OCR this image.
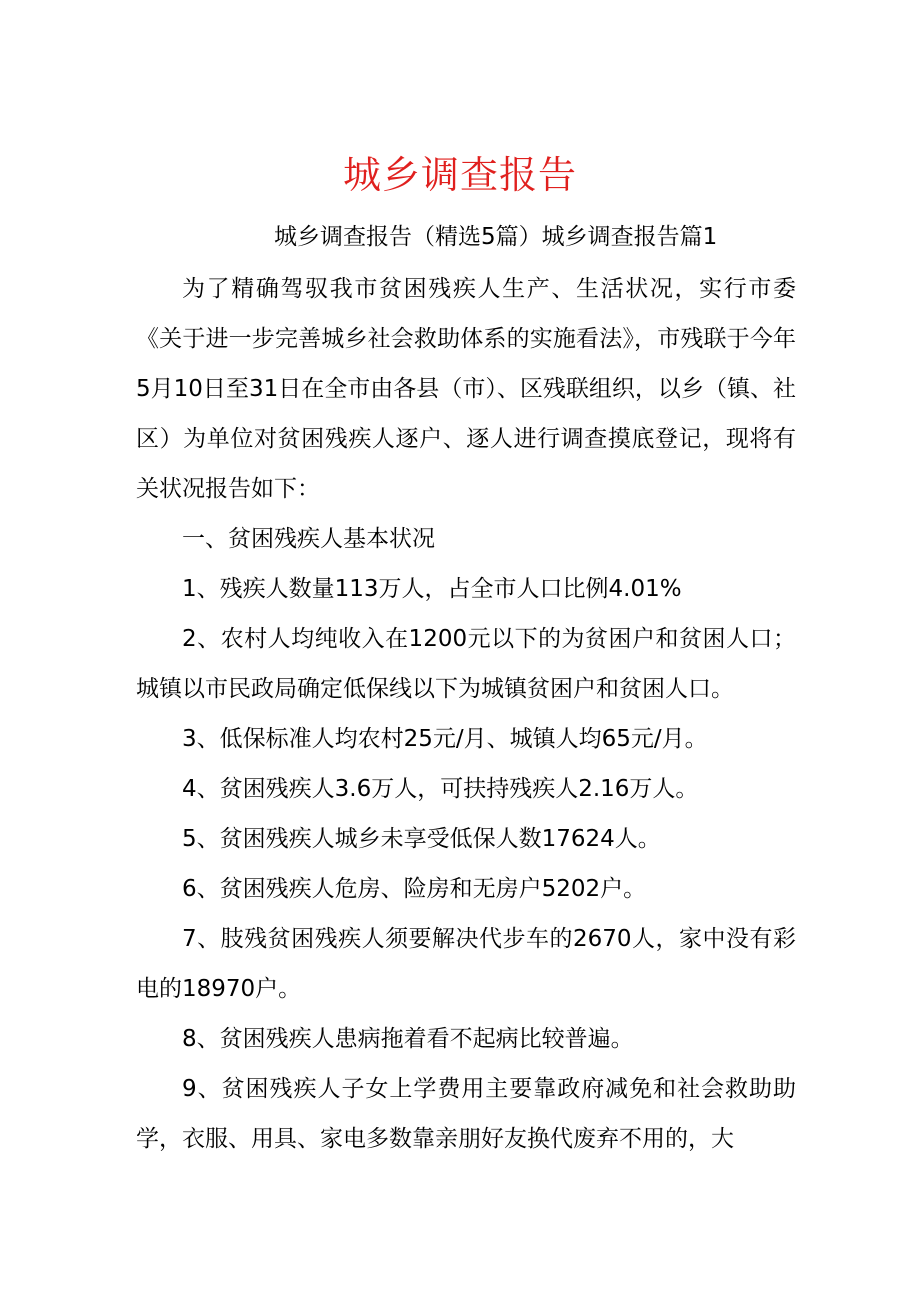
城乡调查报告

城乡调查报告（精选5篇）城乡调查报告篇1

为了精确驾驭我市贫困残疾人生产、生活状况，实行市委《关于进一步完善城乡社会救助体系的实施看法》，市残联于今年5月10日至31日在全市由各县（市）、区残联组织，以乡（镇、社区）为单位对贫困残疾人逐户、逐人进行调查摸底登记，现将有关状况报告如下：

一、贫困残疾人基本状况

1、残疾人数量113万人，占全市人口比例4.01%

2、农村人均纯收入在1200元以下的为贫困户和贫困人口；城镇以市民政局确定低保线以下为城镇贫困户和贫困人口。

3、低保标准人均农村25元/月、城镇人均65元/月。

4、贫困残疾人3.6万人，可扶持残疾人2.16万人。

5、贫困残疾人城乡未享受低保人数17624人。

6、贫困残疾人危房、险房和无房户5202户。

7、肢残贫困残疾人须要解决代步车的2670人，家中没有彩电的18970户。

8、贫困残疾人患病拖着看不起病比较普遍。

9、贫困残疾人子女上学费用主要靠政府减免和社会救助助学，衣服、用具、家电多数靠亲朋好友换代废弃不用的，大
